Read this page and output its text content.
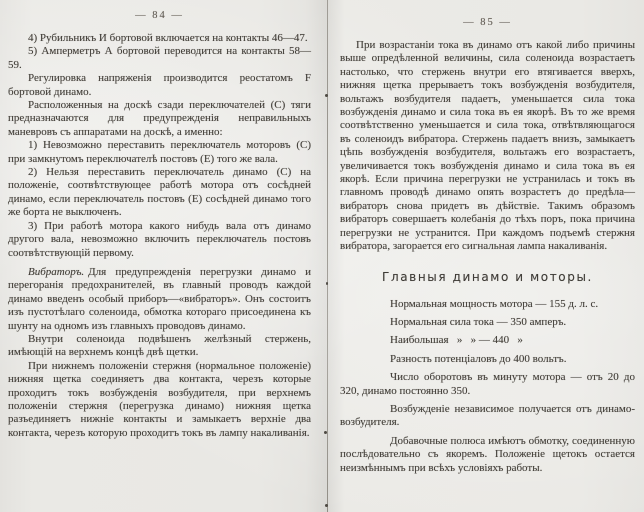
— 84 —

4) Рубильникъ И бортовой включается на контакты 46—47.

5) Амперметръ А бортовой переводится на контакты 58—59.

Регулировка напряженія производится реостатомъ F бортовой динамо.

Расположенныя на доскѣ сзади переключателей (С) тяги предназначаются для предупрежденія неправильныхъ маневровъ съ аппаратами на доскѣ, а именно:

1) Невозможно переставить переключатель моторовъ (С) при замкнутомъ переключателѣ постовъ (Е) того же вала.

2) Нельзя переставить переключатель динамо (С) на положеніе, соотвѣтствующее работѣ мотора отъ сосѣдней динамо, если переключатель постовъ (Е) сосѣдней динамо того же борта не выключенъ.

3) При работѣ мотора какого нибудь вала отъ динамо другого вала, невозможно включить переключатель постовъ соотвѣтствующій первому.

Вибраторъ. Для предупрежденія перегрузки динамо и перегоранія предохранителей, въ главный проводъ каждой динамо введенъ особый приборъ—«вибраторъ». Онъ состоитъ изъ пустотѣлаго соленоида, обмотка котораго присоединена къ шунту на одномъ изъ главныхъ проводовъ динамо.

Внутри соленоида подвѣшенъ желѣзный стержень, имѣющій на верхнемъ концѣ двѣ щетки.

При нижнемъ положеніи стержня (нормальное положеніе) нижняя щетка соединяетъ два контакта, черезъ которые проходитъ токъ возбужденія возбудителя, при верхнемъ положеніи стержня (перегрузка динамо) нижняя щетка разъединяетъ нижніе контакты и замыкаетъ верхніе два контакта, черезъ которую проходитъ токъ въ лампу накаливанія.

— 85 —

При возрастаніи тока въ динамо отъ какой либо причины выше опредѣленной величины, сила соленоида возрастаетъ настолько, что стержень внутри его втягивается вверхъ, нижняя щетка прерываетъ токъ возбужденія возбудителя, вольтажъ возбудителя падаетъ, уменьшается сила тока возбужденія динамо и сила тока въ ея якорѣ. Въ то же время соотвѣтственно уменьшается и сила тока, отвѣтвляющагося въ соленоидъ вибратора. Стержень падаетъ внизъ, замыкаетъ цѣпь возбужденія возбудителя, вольтажъ его возрастаетъ, увеличивается токъ возбужденія динамо и сила тока въ ея якорѣ. Если причина перегрузки не устранилась и токъ въ главномъ проводѣ динамо опять возрастетъ до предѣла—вибраторъ снова придетъ въ дѣйствіе. Такимъ образомъ вибраторъ совершаетъ колебанія до тѣхъ поръ, пока причина перегрузки не устранится. При каждомъ подъемѣ стержня вибратора, загорается его сигнальная лампа накаливанія.

Главныя динамо и моторы.

Нормальная мощность мотора — 155 д. л. с.

Нормальная сила тока — 350 амперъ.

Наибольшая   »   » — 440   »

Разность потенціаловъ до 400 вольтъ.

Число оборотовъ въ минуту мотора — отъ 20 до 320, динамо постоянно 350.

Возбужденіе независимое получается отъ динамо-возбудителя.

Добавочные полюса имѣютъ обмотку, соединенную послѣдовательно съ якоремъ. Положеніе щетокъ остается неизмѣннымъ при всѣхъ условіяхъ работы.
